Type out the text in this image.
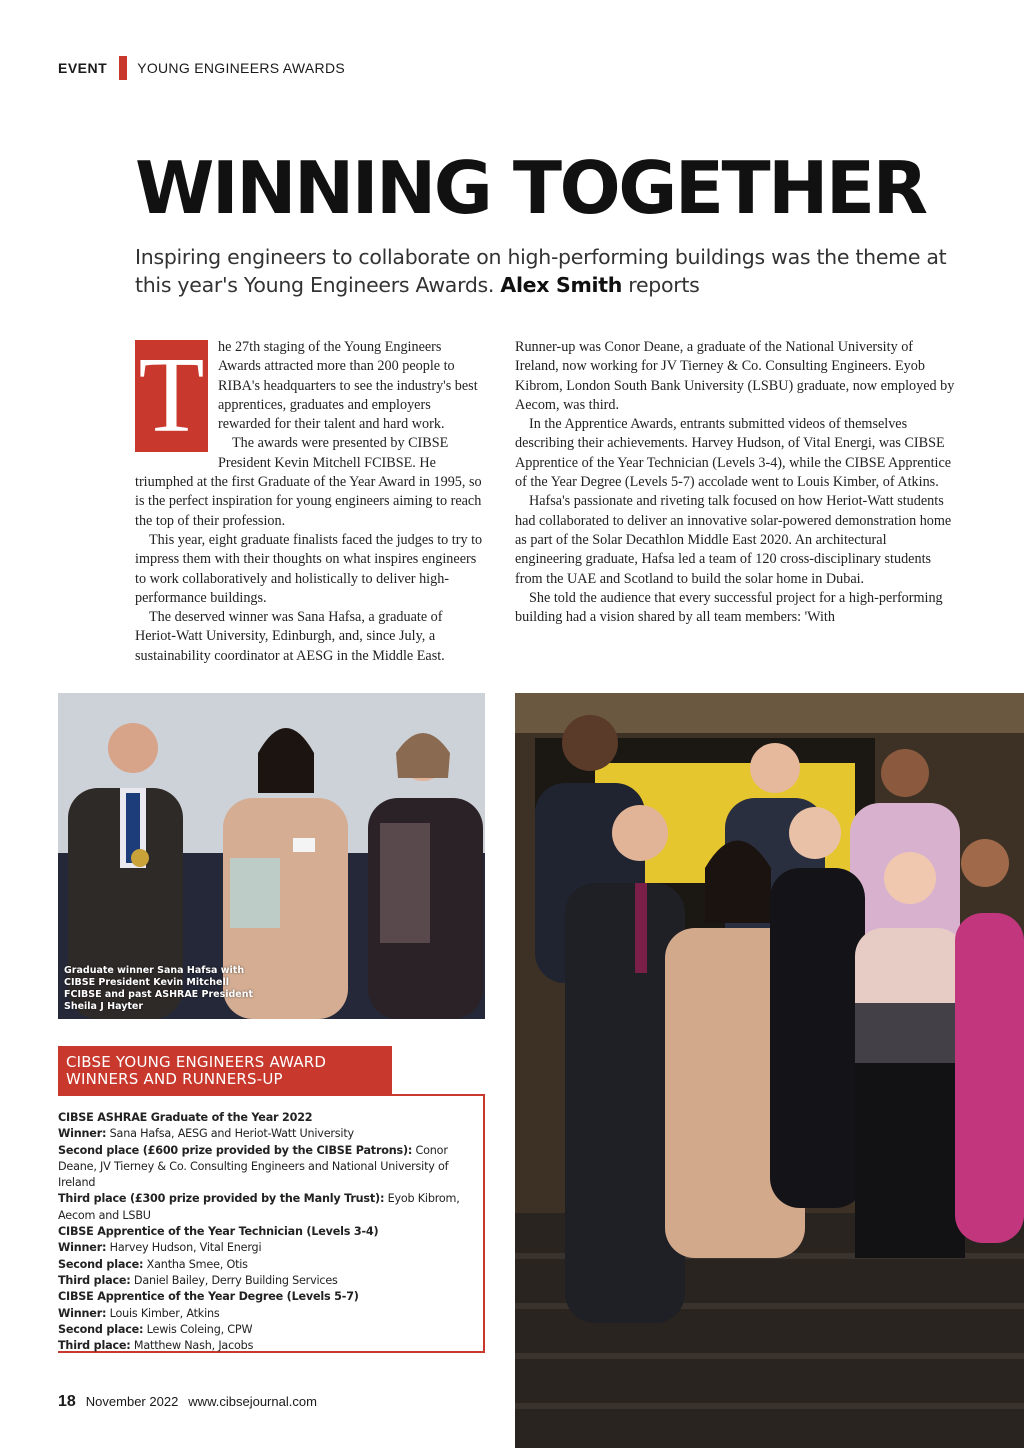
EVENT YOUNG ENGINEERS AWARDS
WINNING TOGETHER

Inspiring engineers to collaborate on high-performing buildings was the theme at this year's Young Engineers Awards. Alex Smith reports

T he 27th staging of the Young Engineers Awards attracted more than 200 people to RIBA's headquarters to see the industry's best apprentices, graduates and employers rewarded for their talent and hard work.

The awards were presented by CIBSE President Kevin Mitchell FCIBSE. He triumphed at the first Graduate of the Year Award in 1995, so is the perfect inspiration for young engineers aiming to reach the top of their profession.

This year, eight graduate finalists faced the judges to try to impress them with their thoughts on what inspires engineers to work collaboratively and holistically to deliver high-performance buildings.

The deserved winner was Sana Hafsa, a graduate of Heriot-Watt University, Edinburgh, and, since July, a sustainability coordinator at AESG in the Middle East.

Runner-up was Conor Deane, a graduate of the National University of Ireland, now working for JV Tierney & Co. Consulting Engineers. Eyob Kibrom, London South Bank University (LSBU) graduate, now employed by Aecom, was third.

In the Apprentice Awards, entrants submitted videos of themselves describing their achievements. Harvey Hudson, of Vital Energi, was CIBSE Apprentice of the Year Technician (Levels 3-4), while the CIBSE Apprentice of the Year Degree (Levels 5-7) accolade went to Louis Kimber, of Atkins.

Hafsa's passionate and riveting talk focused on how Heriot-Watt students had collaborated to deliver an innovative solar-powered demonstration home as part of the Solar Decathlon Middle East 2020. An architectural engineering graduate, Hafsa led a team of 120 cross-disciplinary students from the UAE and Scotland to build the solar home in Dubai.

She told the audience that every successful project for a high-performing building had a vision shared by all team members: 'With

Graduate winner Sana Hafsa with CIBSE President Kevin Mitchell FCIBSE and past ASHRAE President Sheila J Hayter
CIBSE YOUNG ENGINEERS AWARD WINNERS AND RUNNERS-UP
CIBSE ASHRAE Graduate of the Year 2022
Winner: Sana Hafsa, AESG and Heriot-Watt University
Second place (£600 prize provided by the CIBSE Patrons): Conor Deane, JV Tierney & Co. Consulting Engineers and National University of Ireland
Third place (£300 prize provided by the Manly Trust): Eyob Kibrom, Aecom and LSBU
CIBSE Apprentice of the Year Technician (Levels 3-4)
Winner: Harvey Hudson, Vital Energi
Second place: Xantha Smee, Otis
Third place: Daniel Bailey, Derry Building Services
CIBSE Apprentice of the Year Degree (Levels 5-7)
Winner: Louis Kimber, Atkins
Second place: Lewis Coleing, CPW
Third place: Matthew Nash, Jacobs
18 November 2022 www.cibsejournal.com
